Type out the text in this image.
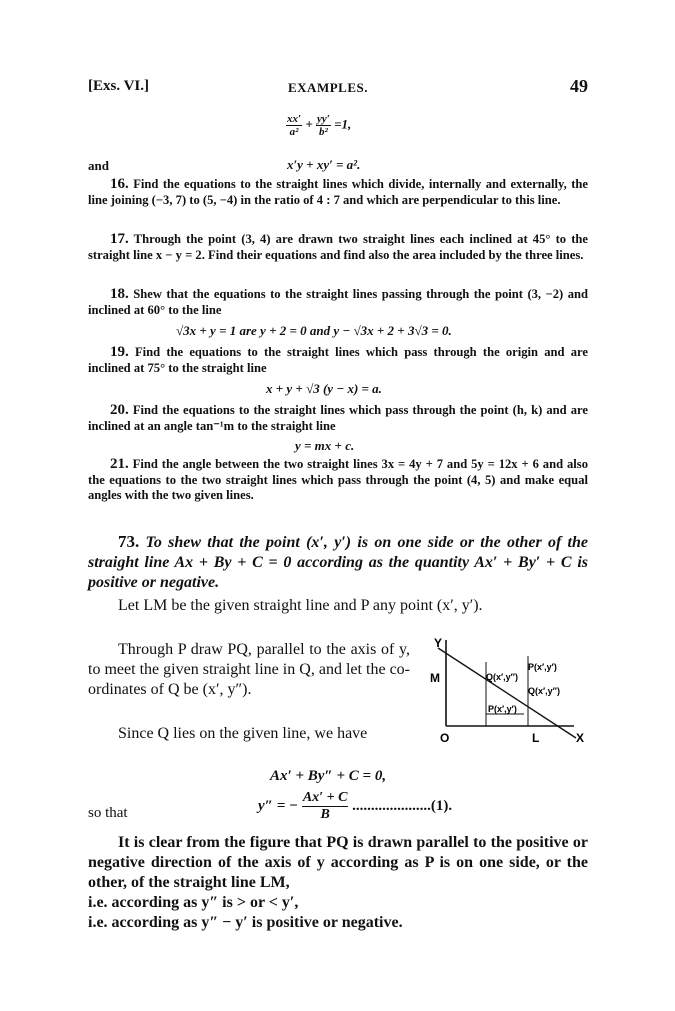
[Exs. VI.]	EXAMPLES.	49
$\frac{xx'}{\text{a²}} + \frac{yy'}{\text{b²}} =1$,
and	x′y + xy′ = a².
16. Find the equations to the straight lines which divide, internally and externally, the line joining (−3, 7) to (5, −4) in the ratio of 4 : 7 and which are perpendicular to this line.
17. Through the point (3, 4) are drawn two straight lines each inclined at 45° to the straight line x − y = 2. Find their equations and find also the area included by the three lines.
18. Shew that the equations to the straight lines passing through the point (3, −2) and inclined at 60° to the line
√3x + y = 1 are y + 2 = 0 and y − √3x + 2 + 3√3 = 0.
19. Find the equations to the straight lines which pass through the origin and are inclined at 75° to the straight line
x + y + √3 (y − x) = a.
20. Find the equations to the straight lines which pass through the point (h, k) and are inclined at an angle tan⁻¹m to the straight line
y = mx + c.
21. Find the angle between the two straight lines 3x = 4y + 7 and 5y = 12x + 6 and also the equations to the two straight lines which pass through the point (4, 5) and make equal angles with the two given lines.
73. To shew that the point (x′, y′) is on one side or the other of the straight line Ax + By + C = 0 according as the quantity Ax′ + By′ + C is positive or negative.
Let LM be the given straight line and P any point (x′, y′).
Through P draw PQ, parallel to the axis of y, to meet the given straight line in Q, and let the co-ordinates of Q be (x′, y″).
Since Q lies on the given line, we have
Y
M
O	L	X
P(x′,y′)
Q(x′,y″)
Q(x′,y″)
P(x′,y′)
Ax′ + By″ + C = 0,
so that	y″ = − $\frac{Ax' + C}{B} .....................(1)$.
It is clear from the figure that PQ is drawn parallel to the positive or negative direction of the axis of y according as P is on one side, or the other, of the straight line LM,
i.e. according as y″ is > or < y′,
i.e. according as y″ − y′ is positive or negative.
